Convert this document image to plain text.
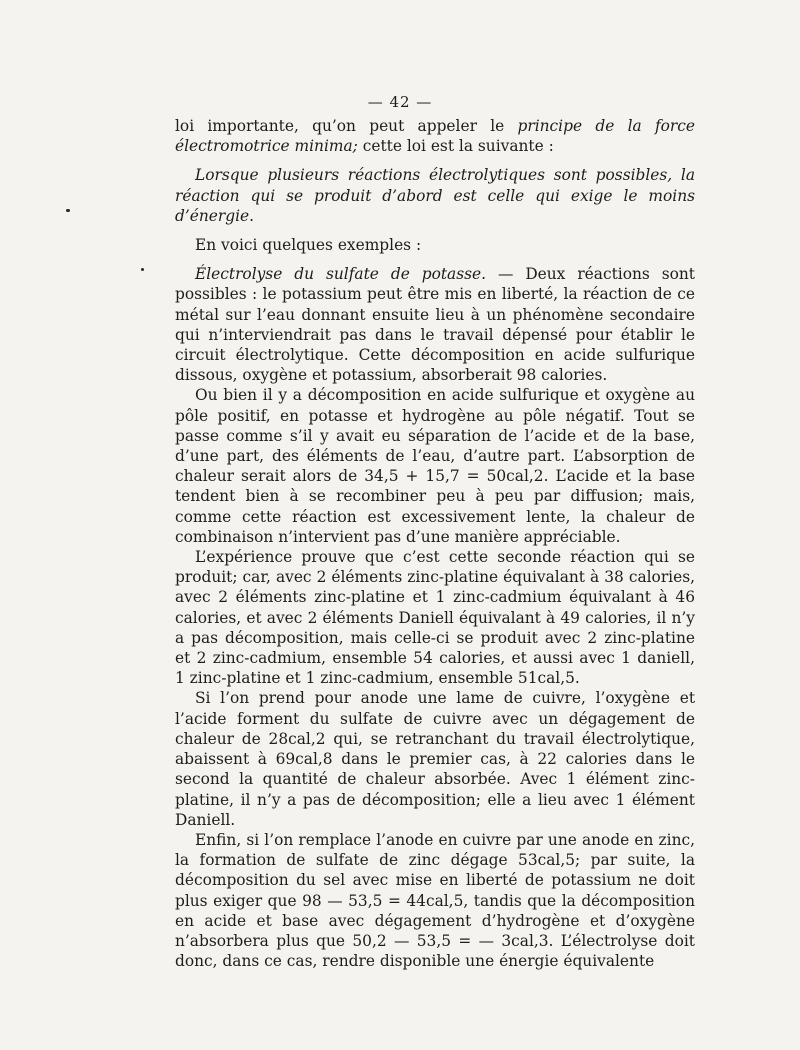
— 42 —

loi importante, qu’on peut appeler le principe de la force électromotrice minima; cette loi est la suivante :

Lorsque plusieurs réactions électrolytiques sont possibles, la réaction qui se produit d’abord est celle qui exige le moins d’énergie.

En voici quelques exemples :

Électrolyse du sulfate de potasse. — Deux réactions sont possibles : le potassium peut être mis en liberté, la réaction de ce métal sur l’eau donnant ensuite lieu à un phénomène secondaire qui n’interviendrait pas dans le travail dépensé pour établir le circuit électrolytique. Cette décomposition en acide sulfurique dissous, oxygène et potassium, absorberait 98 calories.

Ou bien il y a décomposition en acide sulfurique et oxygène au pôle positif, en potasse et hydrogène au pôle négatif. Tout se passe comme s’il y avait eu séparation de l’acide et de la base, d’une part, des éléments de l’eau, d’autre part. L’absorption de chaleur serait alors de 34,5 + 15,7 = 50cal,2. L’acide et la base tendent bien à se recombiner peu à peu par diffusion; mais, comme cette réaction est excessivement lente, la chaleur de combinaison n’intervient pas d’une manière appréciable.

L’expérience prouve que c’est cette seconde réaction qui se produit; car, avec 2 éléments zinc-platine équivalant à 38 calories, avec 2 éléments zinc-platine et 1 zinc-cadmium équivalant à 46 calories, et avec 2 éléments Daniell équivalant à 49 calories, il n’y a pas décomposition, mais celle-ci se produit avec 2 zinc-platine et 2 zinc-cadmium, ensemble 54 calories, et aussi avec 1 daniell, 1 zinc-platine et 1 zinc-cadmium, ensemble 51cal,5.

Si l’on prend pour anode une lame de cuivre, l’oxygène et l’acide forment du sulfate de cuivre avec un dégagement de chaleur de 28cal,2 qui, se retranchant du travail électrolytique, abaissent à 69cal,8 dans le premier cas, à 22 calories dans le second la quantité de chaleur absorbée. Avec 1 élément zinc-platine, il n’y a pas de décomposition; elle a lieu avec 1 élément Daniell.

Enfin, si l’on remplace l’anode en cuivre par une anode en zinc, la formation de sulfate de zinc dégage 53cal,5; par suite, la décomposition du sel avec mise en liberté de potassium ne doit plus exiger que 98 — 53,5 = 44cal,5, tandis que la décomposition en acide et base avec dégagement d’hydrogène et d’oxygène n’absorbera plus que 50,2 — 53,5 = — 3cal,3. L’électrolyse doit donc, dans ce cas, rendre disponible une énergie équivalente
